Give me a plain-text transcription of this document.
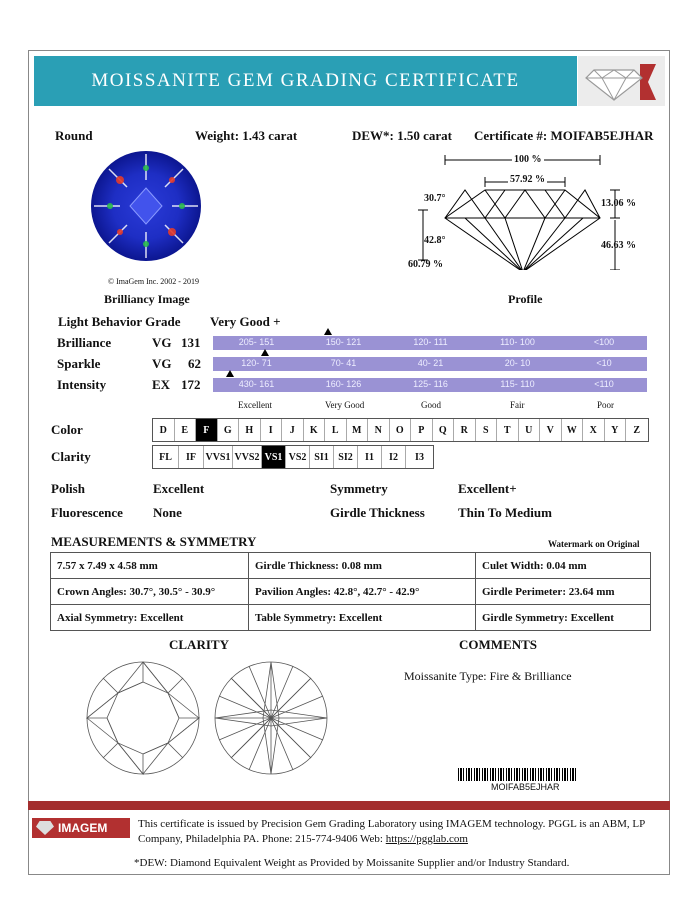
MOISSANITE GEM GRADING CERTIFICATE
Round	Weight: 1.43 carat	DEW*: 1.50 carat Certificate #: MOIFAB5EJHAR
© ImaGem Inc. 2002 - 2019
Brilliancy Image
100 %
57.92 %
30.7°
42.8°
60.79 %
13.06 %
46.63 %
Profile
Light Behavior Grade Very Good +
Brilliance	VG 131
Sparkle	VG 62
Intensity	EX 172
205- 151	150- 121	120- 111	110- 100	<100
120- 71	70- 41	40- 21	20- 10	<10
430- 161	160- 126	125- 116	115- 110	<110
Excellent	Very Good	Good	Fair	Poor
Color	D	E	F	G	H	I	J	K	L	M	N	O	P	Q	R	S	T	U	V	W	X	Y	Z
Clarity	FL	IF VVS1 VVS2 VS1 VS2 SI1 SI2	I1	I2	I3
Polish	Excellent	Symmetry	Excellent+
Fluorescence None	Girdle Thickness	Thin To Medium
MEASUREMENTS & SYMMETRY	Watermark on Original
7.57 x 7.49 x 4.58 mm	Girdle Thickness: 0.08 mm	Culet Width: 0.04 mm
Crown Angles: 30.7°, 30.5° - 30.9°	Pavilion Angles: 42.8°, 42.7° - 42.9°	Girdle Perimeter: 23.64 mm
Axial Symmetry: Excellent	Table Symmetry: Excellent	Girdle Symmetry: Excellent
CLARITY	COMMENTS
Moissanite Type: Fire & Brilliance
MOIFAB5EJHAR
IMAGEM	This certificate is issued by Precision Gem Grading Laboratory using IMAGEM technology. PGGL is an ABM, LP
Company, Philadelphia PA. Phone: 215-774-9406 Web: https://pgglab.com
*DEW: Diamond Equivalent Weight as Provided by Moissanite Supplier and/or Industry Standard.
